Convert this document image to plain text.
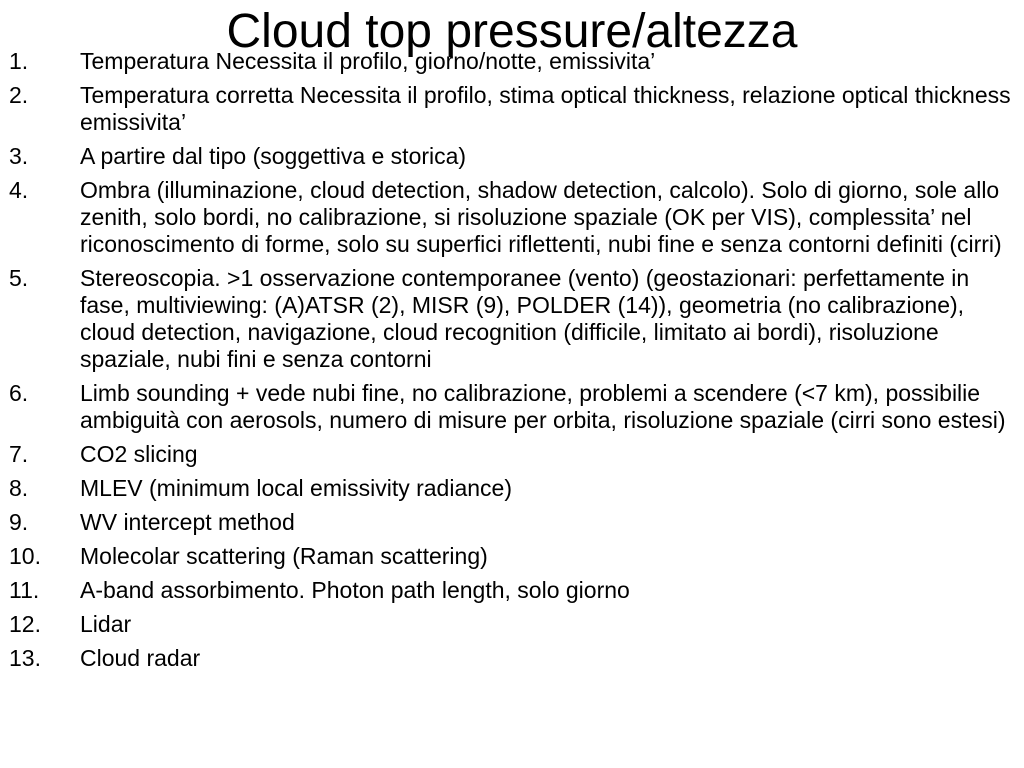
Cloud top pressure/altezza
1. Temperatura Necessita il profilo, giorno/notte, emissivita’
2. Temperatura corretta Necessita il profilo, stima optical thickness, relazione optical thickness emissivita’
3. A partire dal tipo (soggettiva e storica)
4. Ombra (illuminazione, cloud detection, shadow detection, calcolo). Solo di giorno, sole allo zenith, solo bordi, no calibrazione, si risoluzione spaziale (OK per VIS), complessita’ nel riconoscimento di forme, solo su superfici riflettenti, nubi fine e senza contorni definiti (cirri)
5. Stereoscopia. >1 osservazione contemporanee (vento) (geostazionari: perfettamente in fase, multiviewing: (A)ATSR (2), MISR (9), POLDER (14)), geometria (no calibrazione), cloud detection, navigazione, cloud recognition (difficile, limitato ai bordi), risoluzione spaziale, nubi fini e senza contorni
6. Limb sounding + vede nubi fine, no calibrazione, problemi a scendere (<7 km), possibilie ambiguità con aerosols, numero di misure per orbita, risoluzione spaziale (cirri sono estesi)
7. CO2 slicing
8. MLEV (minimum local emissivity radiance)
9. WV intercept method
10. Molecolar scattering (Raman scattering)
11. A-band assorbimento. Photon path length, solo giorno
12. Lidar
13. Cloud radar
